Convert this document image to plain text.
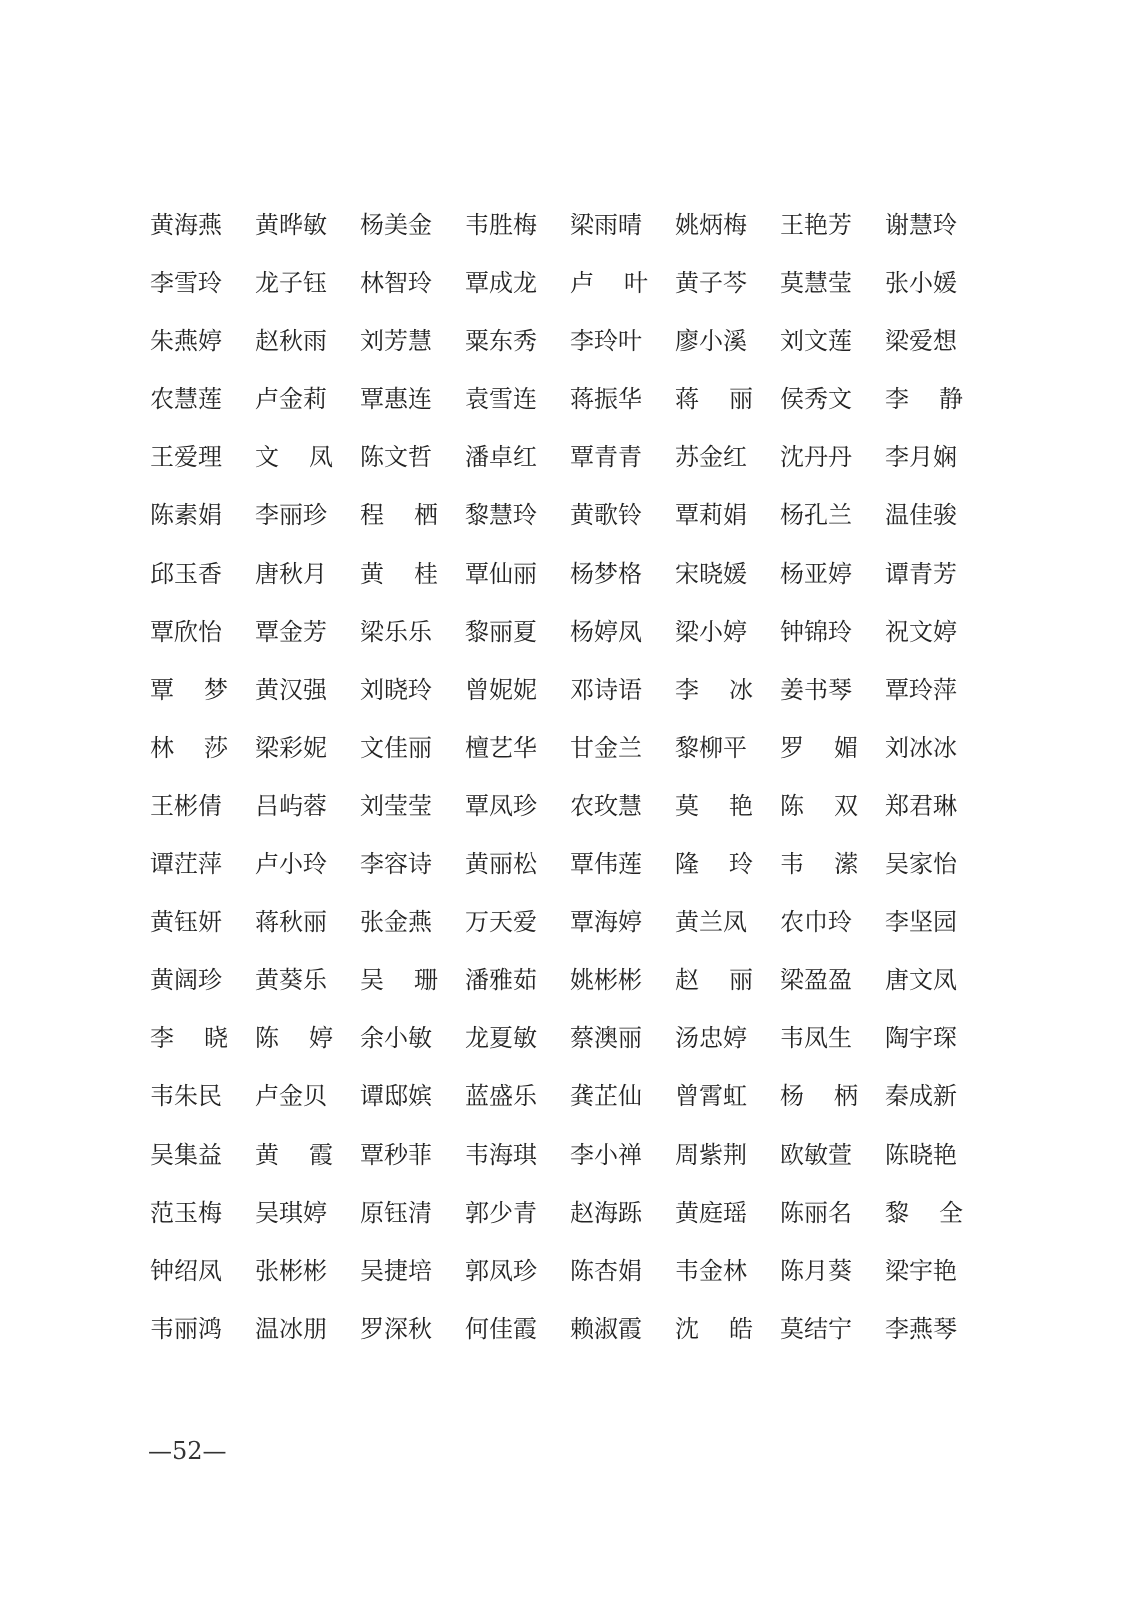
黄海燕 黄晔敏 杨美金 韦胜梅 梁雨晴 姚炳梅 王艳芳 谢慧玲
李雪玲 龙子钰 林智玲 覃成龙 卢 叶 黄子芩 莫慧莹 张小媛
朱燕婷 赵秋雨 刘芳慧 粟东秀 李玲叶 廖小溪 刘文莲 梁爱想
农慧莲 卢金莉 覃惠连 袁雪连 蒋振华 蒋 丽 侯秀文 李 静
王爱理 文 凤 陈文哲 潘卓红 覃青青 苏金红 沈丹丹 李月娴
陈素娟 李丽珍 程 栖 黎慧玲 黄歌铃 覃莉娟 杨孔兰 温佳骏
邱玉香 唐秋月 黄 桂 覃仙丽 杨梦格 宋晓媛 杨亚婷 谭青芳
覃欣怡 覃金芳 梁乐乐 黎丽夏 杨婷凤 梁小婷 钟锦玲 祝文婷
覃 梦 黄汉强 刘晓玲 曾妮妮 邓诗语 李 冰 姜书琴 覃玲萍
林 莎 梁彩妮 文佳丽 檀艺华 甘金兰 黎柳平 罗 媚 刘冰冰
王彬倩 吕屿蓉 刘莹莹 覃凤珍 农玫慧 莫 艳 陈 双 郑君琳
谭茳萍 卢小玲 李容诗 黄丽松 覃伟莲 隆 玲 韦 潆 吴家怡
黄钰妍 蒋秋丽 张金燕 万天爱 覃海婷 黄兰凤 农巾玲 李坚园
黄阔珍 黄葵乐 吴 珊 潘雅茹 姚彬彬 赵 丽 梁盈盈 唐文凤
李 晓 陈 婷 余小敏 龙夏敏 蔡澳丽 汤忠婷 韦凤生 陶宇琛
韦朱民 卢金贝 谭邸嫔 蓝盛乐 龚芷仙 曾霄虹 杨 柄 秦成新
吴集益 黄 霞 覃秒菲 韦海琪 李小禅 周紫荆 欧敏萱 陈晓艳
范玉梅 吴琪婷 原钰清 郭少青 赵海跞 黄庭瑶 陈丽名 黎 全
钟绍凤 张彬彬 吴捷培 郭凤珍 陈杏娟 韦金林 陈月葵 梁宇艳
韦丽鸿 温冰朋 罗深秋 何佳霞 赖淑霞 沈 皓 莫结宁 李燕琴
—52—
